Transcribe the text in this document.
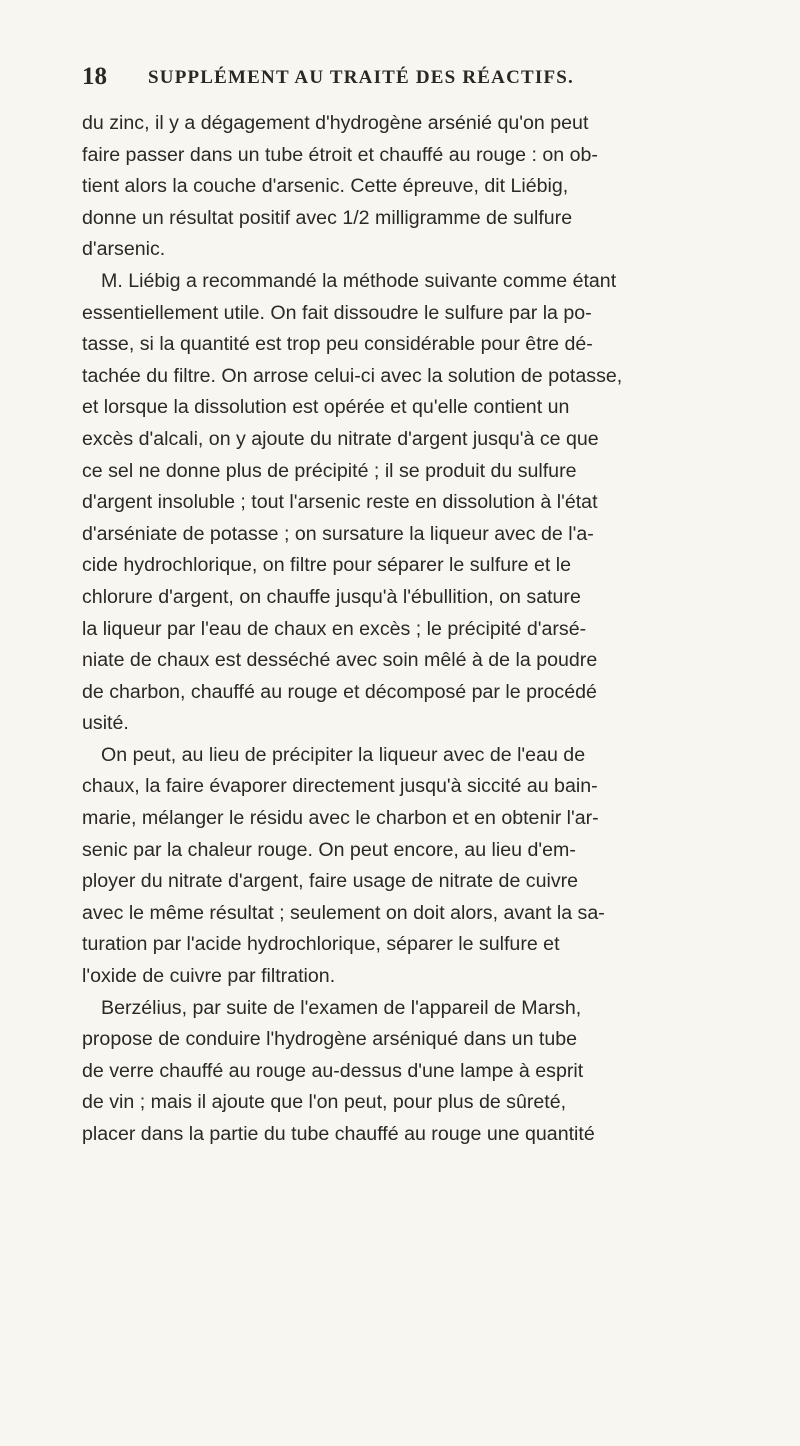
18 SUPPLÉMENT AU TRAITÉ DES RÉACTIFS.

du zinc, il y a dégagement d'hydrogène arsénié qu'on peut
faire passer dans un tube étroit et chauffé au rouge : on ob-
tient alors la couche d'arsenic. Cette épreuve, dit Liébig,
donne un résultat positif avec 1/2 milligramme de sulfure
d'arsenic.

M. Liébig a recommandé la méthode suivante comme étant
essentiellement utile. On fait dissoudre le sulfure par la po-
tasse, si la quantité est trop peu considérable pour être dé-
tachée du filtre. On arrose celui-ci avec la solution de potasse,
et lorsque la dissolution est opérée et qu'elle contient un
excès d'alcali, on y ajoute du nitrate d'argent jusqu'à ce que
ce sel ne donne plus de précipité ; il se produit du sulfure
d'argent insoluble ; tout l'arsenic reste en dissolution à l'état
d'arséniate de potasse ; on sursature la liqueur avec de l'a-
cide hydrochlorique, on filtre pour séparer le sulfure et le
chlorure d'argent, on chauffe jusqu'à l'ébullition, on sature
la liqueur par l'eau de chaux en excès ; le précipité d'arsé-
niate de chaux est desséché avec soin mêlé à de la poudre
de charbon, chauffé au rouge et décomposé par le procédé
usité.

On peut, au lieu de précipiter la liqueur avec de l'eau de
chaux, la faire évaporer directement jusqu'à siccité au bain-
marie, mélanger le résidu avec le charbon et en obtenir l'ar-
senic par la chaleur rouge. On peut encore, au lieu d'em-
ployer du nitrate d'argent, faire usage de nitrate de cuivre
avec le même résultat ; seulement on doit alors, avant la sa-
turation par l'acide hydrochlorique, séparer le sulfure et
l'oxide de cuivre par filtration.

Berzélius, par suite de l'examen de l'appareil de Marsh,
propose de conduire l'hydrogène arséniqué dans un tube
de verre chauffé au rouge au-dessus d'une lampe à esprit
de vin ; mais il ajoute que l'on peut, pour plus de sûreté,
placer dans la partie du tube chauffé au rouge une quantité
